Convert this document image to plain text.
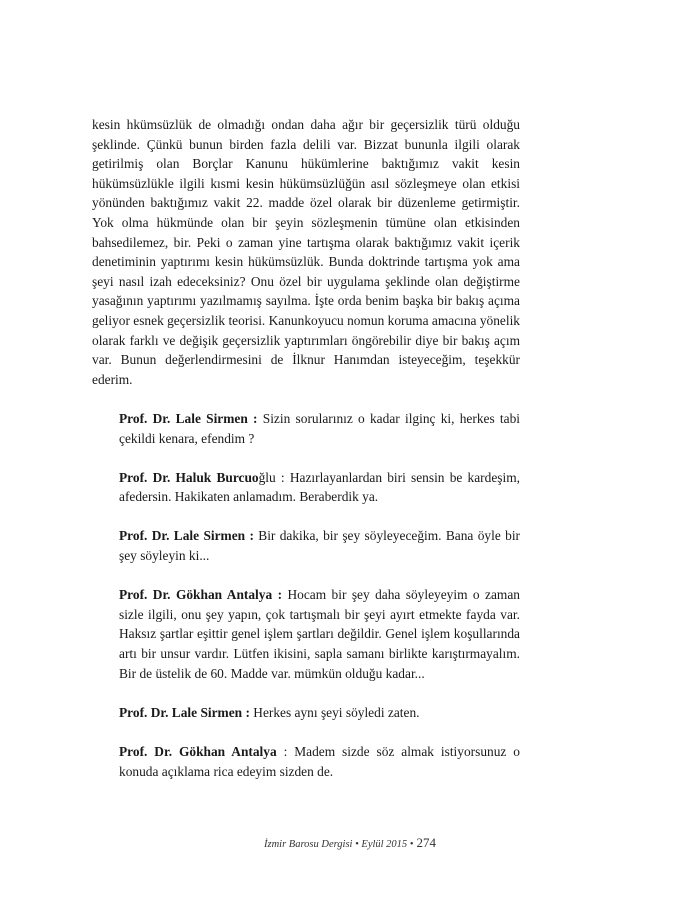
kesin hkümsüzlük de olmadığı ondan daha ağır bir geçersizlik türü olduğu şeklinde. Çünkü bunun birden fazla delili var. Bizzat bununla ilgili olarak getirilmiş olan Borçlar Kanunu hükümlerine baktığımız vakit kesin hükümsüzlükle ilgili kısmi kesin hükümsüzlüğün asıl sözleşmeye olan etkisi yönünden baktığımız vakit 22. madde özel olarak bir düzenleme getirmiştir. Yok olma hükmünde olan bir şeyin sözleşmenin tümüne olan etkisinden bahsedilemez, bir. Peki o zaman yine tartışma olarak baktığımız vakit içerik denetiminin yaptırımı kesin hükümsüzlük. Bunda doktrinde tartışma yok ama şeyi nasıl izah edeceksiniz? Onu özel bir uygulama şeklinde olan değiştirme yasağının yaptırımı yazılmamış sayılma. İşte orda benim başka bir bakış açıma geliyor esnek geçersizlik teorisi. Kanunkoyucu nomun koruma amacına yönelik olarak farklı ve değişik geçersizlik yaptırımları öngörebilir diye bir bakış açım var. Bunun değerlendirmesini de İlknur Hanımdan isteyeceğim, teşekkür ederim.

Prof. Dr. Lale Sirmen : Sizin sorularınız o kadar ilginç ki, herkes tabi çekildi kenara, efendim ?

Prof. Dr. Haluk Burcuoğlu : Hazırlayanlardan biri sensin be kardeşim, afedersin. Hakikaten anlamadım. Beraberdik ya.

Prof. Dr. Lale Sirmen : Bir dakika, bir şey söyleyeceğim. Bana öyle bir şey söyleyin ki...

Prof. Dr. Gökhan Antalya : Hocam bir şey daha söyleyeyim o zaman sizle ilgili, onu şey yapın, çok tartışmalı bir şeyi ayırt etmekte fayda var. Haksız şartlar eşittir genel işlem şartları değildir. Genel işlem koşullarında artı bir unsur vardır. Lütfen ikisini, sapla samanı birlikte karıştırmayalım. Bir de üstelik de 60. Madde var. mümkün olduğu kadar...

Prof. Dr. Lale Sirmen : Herkes aynı şeyi söyledi zaten.

Prof. Dr. Gökhan Antalya : Madem sizde söz almak istiyorsunuz o konuda açıklama rica edeyim sizden de.

İzmir Barosu Dergisi • Eylül 2015 • 274
